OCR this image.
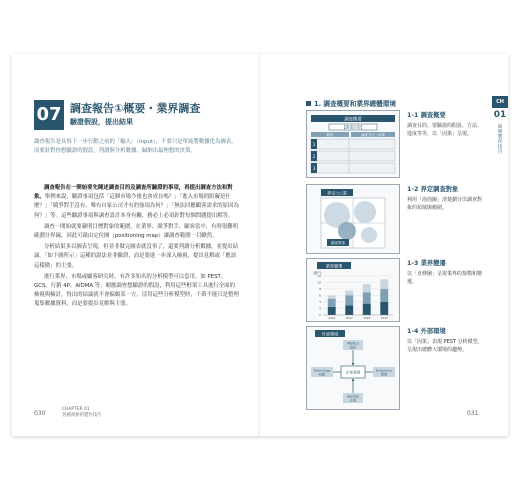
07 調查報告①概要・業界調查
驗證假設，提出結果
調查報告是具察下一步行動之前的「輸入」（input），不要只是單純將數據化為圖表，而要針對你想驗證的假設，判讀與分析數據，歸納出最理想的決策。

調查報告在一開始要先陳述調查目的及調查所驗證的事項，再提出調查方法和對象。舉例來說，驗證事項包括「這個市場今後也會成長嗎？」「進入市場的阻礙是什麼？」「競爭對手沒有、唯有自家公司才有的強項為何？」「無法回應顧客需求的原因為何？」等。這些驗證事項與調查設計本身有關，務必上必須針對每個問題提出解答。

調查一開始就要載明目標對象的範圍。在業界、競爭對手、顧客當中，有時很難明確劃分界線，因此可藉由定位圖（positioning map）讓調查範圍一目瞭然。

分析結果多以圖表呈現，但並非做完圖表就沒事了，還要判讀分析數據，並提出結論。「如下圖所示」這種的說法並非驗證，而是要進一步深入檢視，提出見解或「應該這樣做」的主張。

進行業界、市場或顧客研究時，有許多知名的分析模型可以套用，如 PEST、GCS、行銷 4P、AIDMA 等。順應調查想驗證的假設，利用這些框架工具進行全面的檢視與檢討，得出的結論就不會偏頗某一方。活用這些分析模型時，千萬不能只是整理蒐集數據資料，而是要提出見解與主張。

030
CHAPTER 01
各種商務的製作技巧
1. 調查概要和業界總體環境	CH
01
商務製作技巧
調查概要
【調查目的】
假設	調查方法・結果
1
2
3
界定○○業
調查對象
業界變遷
（億円）
12
10
8
6
4
2
0
2016	2017	2018	2019
外部環境
企業業績
Politics
政治
Technology
技術
Economics
經濟
Society
社會
1-1 調查概要
調查目的、要驗證的假設、方法、進度等等，以「因果」呈現。
1-2 界定調查對象
利用「泡泡圖」清楚劃分出調查對象的領域與範圍。
1-3 業界變遷
以「直條圖」呈現業界的規模和變遷。
1-4 外部環境
以「因果」表現 PEST 分析模型，呈現出總體大環境的趨勢。
031
